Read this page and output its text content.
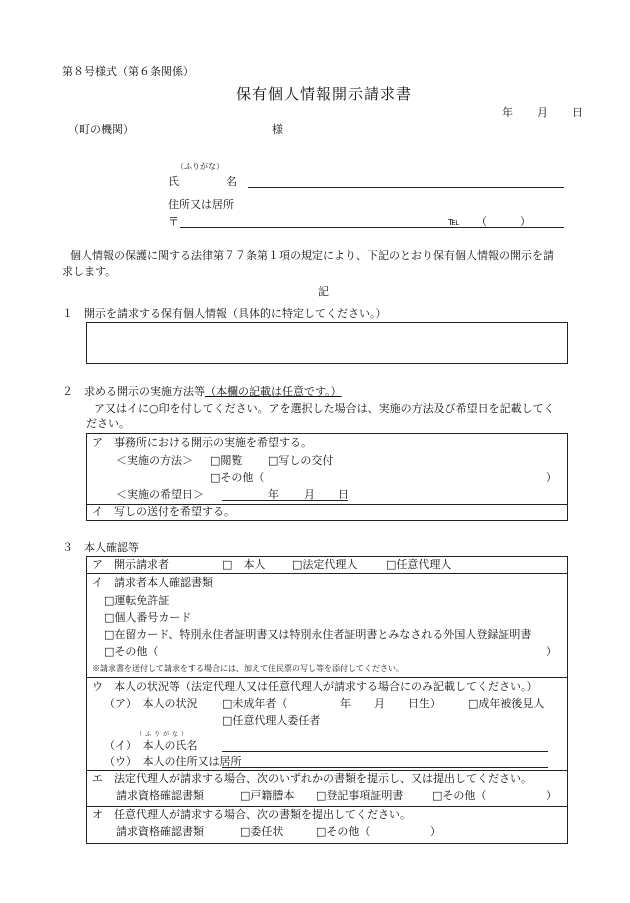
第８号様式（第６条関係）
保有個人情報開示請求書
年 月 日
（町の機関）	様
（ふりがな）
氏	名
住所又は居所
〒	℡ （　　　）
個人情報の保護に関する法律第７７条第１項の規定により、下記のとおり保有個人情報の開示を請
求します。
記
１　開示を請求する保有個人情報（具体的に特定してください。）
２　求める開示の実施方法等（本欄の記載は任意です。）
ア又はイに○印を付してください。アを選択した場合は、実施の方法及び希望日を記載してく
ださい。
ア　事務所における開示の実施を希望する。
＜実施の方法＞ □閲覧 □写しの交付
□その他（	）
＜実施の希望日＞	年 月 日
イ　写しの送付を希望する。
３　本人確認等
ア　開示請求者	□　本人 □法定代理人	□任意代理人
イ　請求者本人確認書類
□運転免許証
□個人番号カード
□在留カード、特別永住者証明書又は特別永住者証明書とみなされる外国人登録証明書
□その他（	）
※請求書を送付して請求をする場合には、加えて住民票の写し等を添付してください。
ウ　本人の状況等（法定代理人又は任意代理人が請求する場合にのみ記載してください。）
（ア）　本人の状況 □未成年者（	年 月 日生） □成年被後見人
□任意代理人委任者
（ふりがな）
（イ）　本人の氏名
（ウ）　本人の住所又は居所
エ　法定代理人が請求する場合、次のいずれかの書類を提示し、又は提出してください。
請求資格確認書類	□戸籍謄本 □登記事項証明書	□その他（	）
オ　任意代理人が請求する場合、次の書類を提出してください。
請求資格確認書類	□委任状	□その他（	）
